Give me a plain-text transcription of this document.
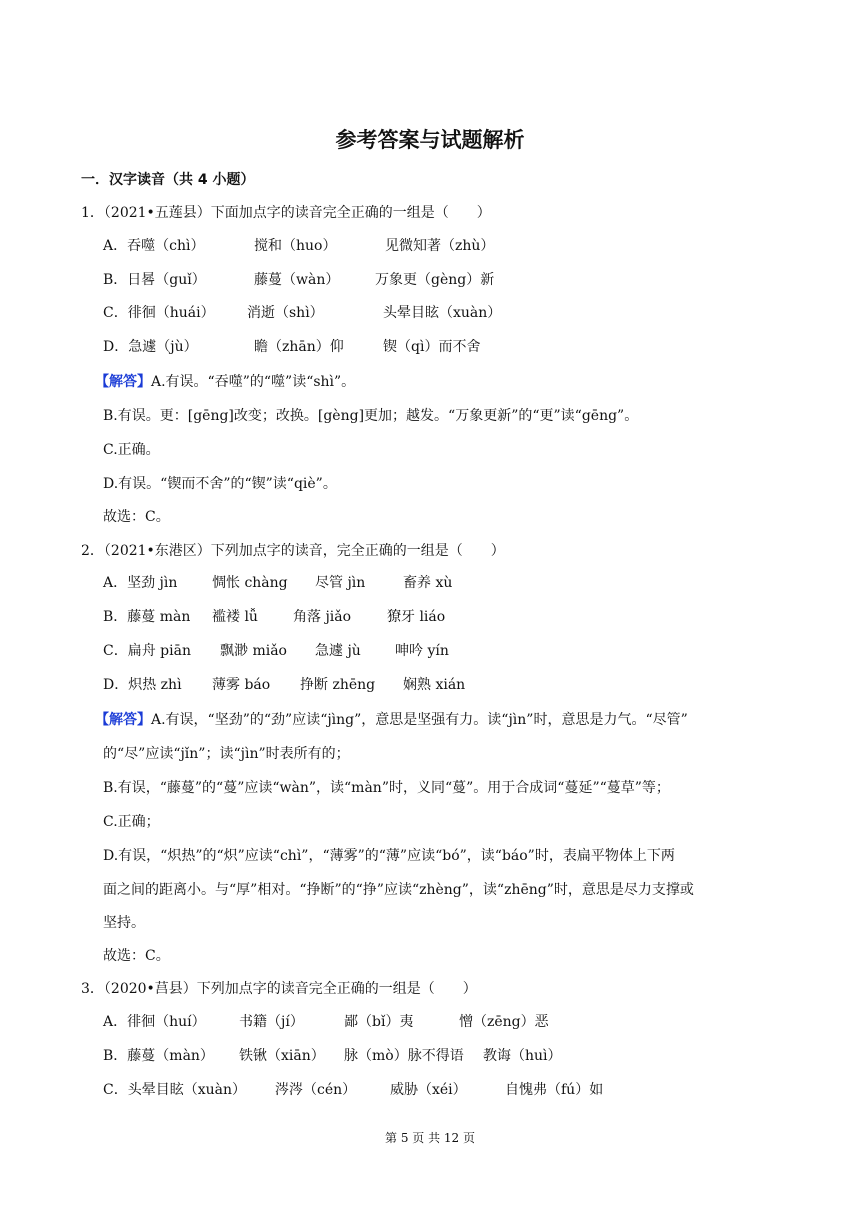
参考答案与试题解析
一．汉字读音（共 4 小题）
1．（2021•五莲县）下面加点字的读音完全正确的一组是（　　）
A．吞噬（chì）	搅和（huo）	见微知著（zhù）
B．日晷（guǐ）	藤蔓（wàn）	万象更（gèng）新
C．徘徊（huái） 消逝（shì）	头晕目眩（xuàn）
D．急遽（jù）	瞻（zhān）仰	锲（qì）而不舍
【解答】A.有误。“吞噬”的“噬”读“shì”。
B.有误。更：[gēng]改变；改换。[gèng]更加；越发。“万象更新”的“更”读“gēng”。
C.正确。
D.有误。“锲而不舍”的“锲”读“qiè”。
故选：C。
2．（2021•东港区）下列加点字的读音，完全正确的一组是（　　）
A．坚劲 jìn 惆怅 chàng 尽管 jìn	畜养 xù
B．藤蔓 màn 褴褛 lǚ	角落 jiǎo	獠牙 liáo
C．扁舟 piān 飘渺 miǎo 急遽 jù 呻吟 yín
D．炽热 zhì 薄雾 báo 挣断 zhēng 娴熟 xián
【解答】A.有误，“坚劲”的“劲”应读“jìng”，意思是坚强有力。读“jìn”时，意思是力气。“尽管”
的“尽”应读“jǐn”；读“jìn”时表所有的；
B.有误，“藤蔓”的“蔓”应读“wàn”，读“màn”时，义同“蔓”。用于合成词“蔓延”“蔓草”等；
C.正确；
D.有误，“炽热”的“炽”应读“chì”，“薄雾”的“薄”应读“bó”，读“báo”时，表扁平物体上下两
面之间的距离小。与“厚”相对。“挣断”的“挣”应读“zhèng”，读“zhēng”时，意思是尽力支撑或
坚持。
故选：C。
3．（2020•莒县）下列加点字的读音完全正确的一组是（　　）
A．徘徊（huí） 书籍（jí）	鄙（bǐ）夷	憎（zēng）恶
B．藤蔓（màn） 铁锹（xiān） 脉（mò）脉不得语 教诲（huì）
C．头晕目眩（xuàn） 涔涔（cén） 威胁（xéi）	自愧弗（fú）如
第 5 页 共 12 页
